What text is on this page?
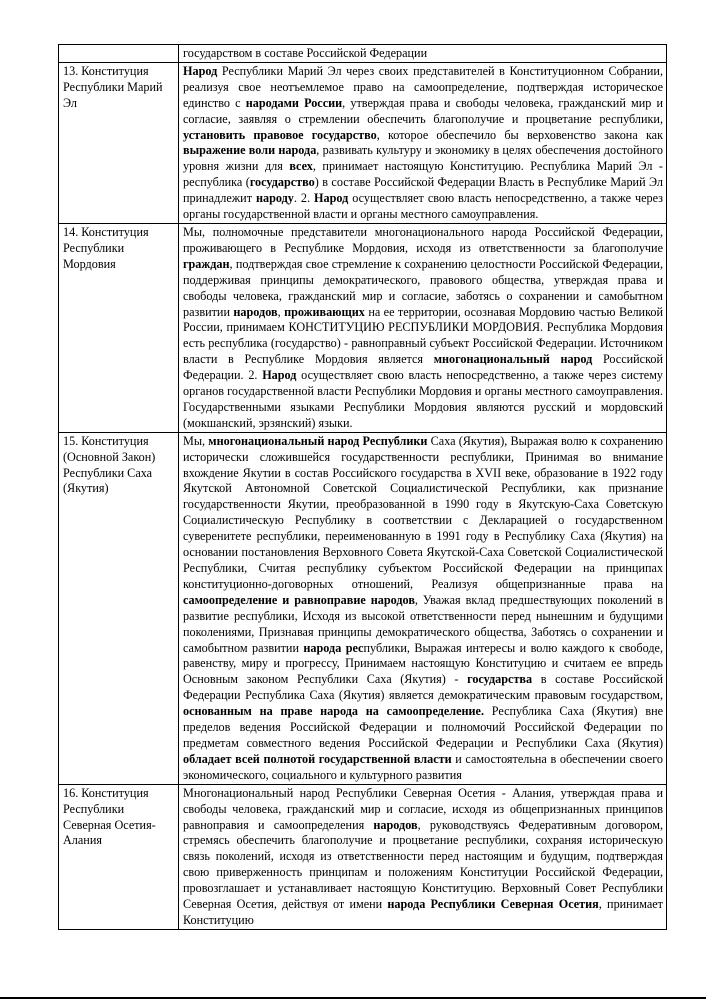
	государством в составе Российской Федерации
13. Конституция Республики Марий Эл	Народ Республики Марий Эл через своих представителей в Конституционном Собрании, реализуя свое неотъемлемое право на самоопределение, подтверждая историческое единство с народами России, утверждая права и свободы человека, гражданский мир и согласие, заявляя о стремлении обеспечить благополучие и процветание республики, установить правовое государство, которое обеспечило бы верховенство закона как выражение воли народа, развивать культуру и экономику в целях обеспечения достойного уровня жизни для всех, принимает настоящую Конституцию. Республика Марий Эл - республика (государство) в составе Российской Федерации Власть в Республике Марий Эл принадлежит народу. 2. Народ осуществляет свою власть непосредственно, а также через органы государственной власти и органы местного самоуправления.
14. Конституция Республики Мордовия	Мы, полномочные представители многонационального народа Российской Федерации, проживающего в Республике Мордовия, исходя из ответственности за благополучие граждан, подтверждая свое стремление к сохранению целостности Российской Федерации, поддерживая принципы демократического, правового общества, утверждая права и свободы человека, гражданский мир и согласие, заботясь о сохранении и самобытном развитии народов, проживающих на ее территории, осознавая Мордовию частью Великой России, принимаем КОНСТИТУЦИЮ РЕСПУБЛИКИ МОРДОВИЯ. Республика Мордовия есть республика (государство) - равноправный субъект Российской Федерации. Источником власти в Республике Мордовия является многонациональный народ Российской Федерации. 2. Народ осуществляет свою власть непосредственно, а также через систему органов государственной власти Республики Мордовия и органы местного самоуправления. Государственными языками Республики Мордовия являются русский и мордовский (мокшанский, эрзянский) языки.
15. Конституция (Основной Закон) Республики Саха (Якутия)	Мы, многонациональный народ Республики Саха (Якутия), Выражая волю к сохранению исторически сложившейся государственности республики, Принимая во внимание вхождение Якутии в состав Российского государства в XVII веке, образование в 1922 году Якутской Автономной Советской Социалистической Республики, как признание государственности Якутии, преобразованной в 1990 году в Якутскую-Саха Советскую Социалистическую Республику в соответствии с Декларацией о государственном суверенитете республики, переименованную в 1991 году в Республику Саха (Якутия) на основании постановления Верховного Совета Якутской-Саха Советской Социалистической Республики, Считая республику субъектом Российской Федерации на принципах конституционно-договорных отношений, Реализуя общепризнанные права на самоопределение и равноправие народов, Уважая вклад предшествующих поколений в развитие республики, Исходя из высокой ответственности перед нынешним и будущими поколениями, Признавая принципы демократического общества, Заботясь о сохранении и самобытном развитии народа республики, Выражая интересы и волю каждого к свободе, равенству, миру и прогрессу, Принимаем настоящую Конституцию и считаем ее впредь Основным законом Республики Саха (Якутия) - государства в составе Российской Федерации Республика Саха (Якутия) является демократическим правовым государством, основанным на праве народа на самоопределение. Республика Саха (Якутия) вне пределов ведения Российской Федерации и полномочий Российской Федерации по предметам совместного ведения Российской Федерации и Республики Саха (Якутия) обладает всей полнотой государственной власти и самостоятельна в обеспечении своего экономического, социального и культурного развития
16. Конституция Республики Северная Осетия-Алания	Многонациональный народ Республики Северная Осетия - Алания, утверждая права и свободы человека, гражданский мир и согласие, исходя из общепризнанных принципов равноправия и самоопределения народов, руководствуясь Федеративным договором, стремясь обеспечить благополучие и процветание республики, сохраняя историческую связь поколений, исходя из ответственности перед настоящим и будущим, подтверждая свою приверженность принципам и положениям Конституции Российской Федерации, провозглашает и устанавливает настоящую Конституцию. Верховный Совет Республики Северная Осетия, действуя от имени народа Республики Северная Осетия, принимает Конституцию
